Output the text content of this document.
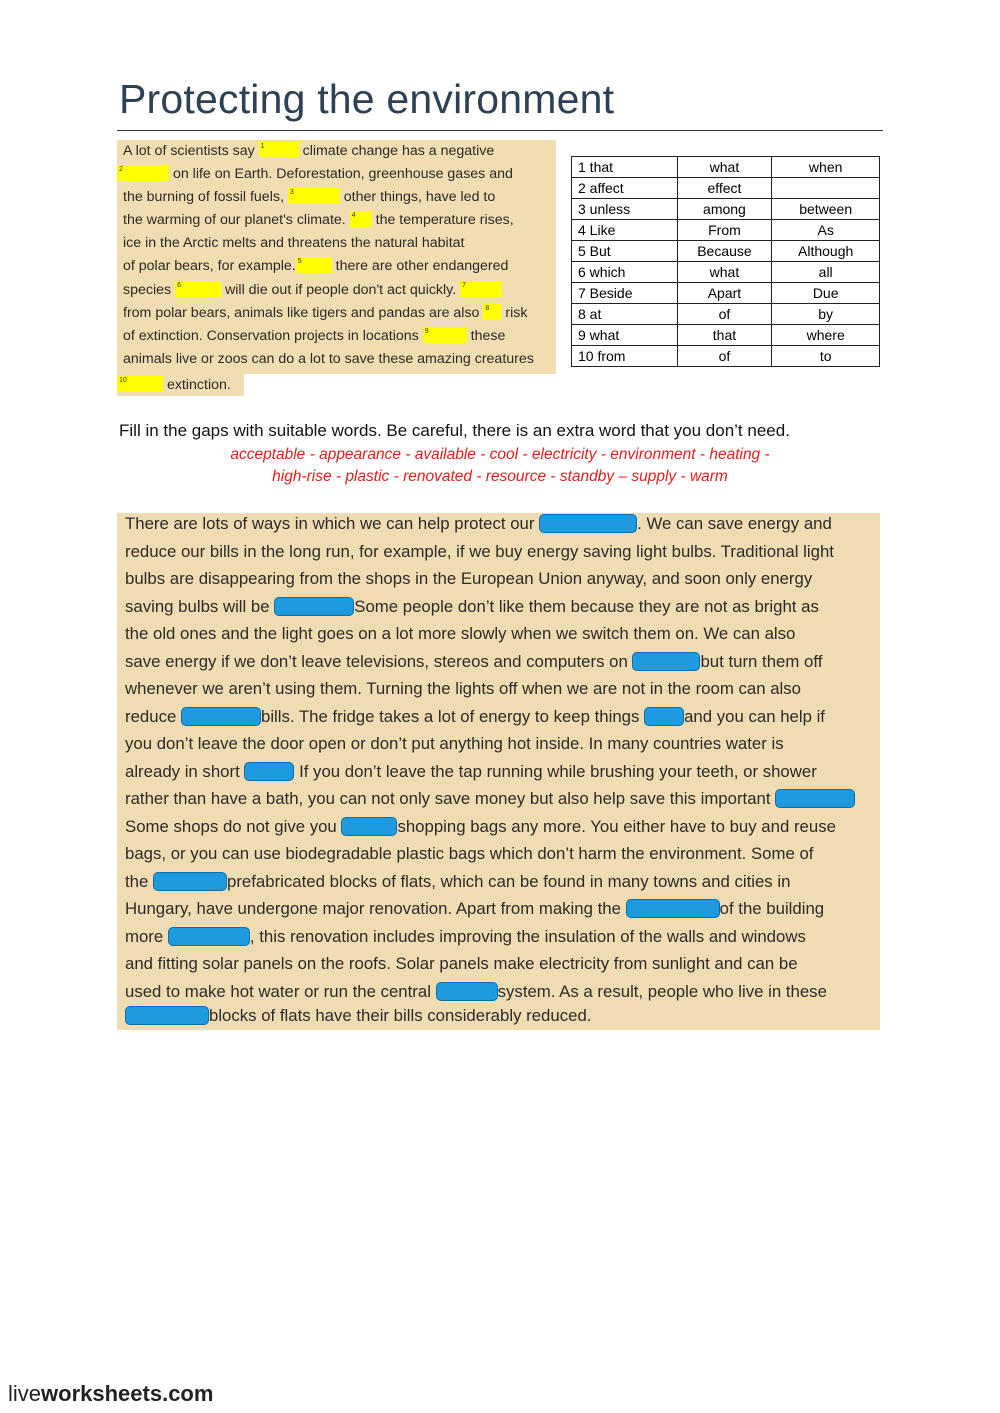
Protecting the environment
A lot of scientists say 1	climate change has a negative
2	on life on Earth. Deforestation, greenhouse gases and
the burning of fossil fuels, 3	other things, have led to
the warming of our planet's climate. 4 the temperature rises,
ice in the Arctic melts and threatens the natural habitat
of polar bears, for example. 5 there are other endangered
species 6	will die out if people don't act quickly. 7
from polar bears, animals like tigers and pandas are also 8 risk
of extinction. Conservation projects in locations 9	these
animals live or zoos can do a lot to save these amazing creatures
10	extinction.
1 that	what	when
2 affect	effect	
3 unless	among	between
4 Like	From	As
5 But	Because	Although
6 which	what	all
7 Beside	Apart	Due
8 at	of	by
9 what	that	where
10 from	of	to
Fill in the gaps with suitable words. Be careful, there is an extra word that you don’t need.
acceptable - appearance - available - cool - electricity - environment - heating -
high-rise - plastic - renovated - resource - standby – supply - warm
There are lots of ways in which we can help protect our	. We can save energy and
reduce our bills in the long run, for example, if we buy energy saving light bulbs. Traditional light
bulbs are disappearing from the shops in the European Union anyway, and soon only energy
saving bulbs will be	Some people don’t like them because they are not as bright as
the old ones and the light goes on a lot more slowly when we switch them on. We can also
save energy if we don’t leave televisions, stereos and computers on	but turn them off
whenever we aren’t using them. Turning the lights off when we are not in the room can also
reduce	bills. The fridge takes a lot of energy to keep things	and you can help if
you don’t leave the door open or don’t put anything hot inside. In many countries water is
already in short	If you don’t leave the tap running while brushing your teeth, or shower
rather than have a bath, you can not only save money but also help save this important
Some shops do not give you	shopping bags any more. You either have to buy and reuse
bags, or you can use biodegradable plastic bags which don’t harm the environment. Some of
the	prefabricated blocks of flats, which can be found in many towns and cities in
Hungary, have undergone major renovation. Apart from making the	of the building
more	, this renovation includes improving the insulation of the walls and windows
and fitting solar panels on the roofs. Solar panels make electricity from sunlight and can be
used to make hot water or run the central	system. As a result, people who live in these
blocks of flats have their bills considerably reduced.
liveworksheets.com
